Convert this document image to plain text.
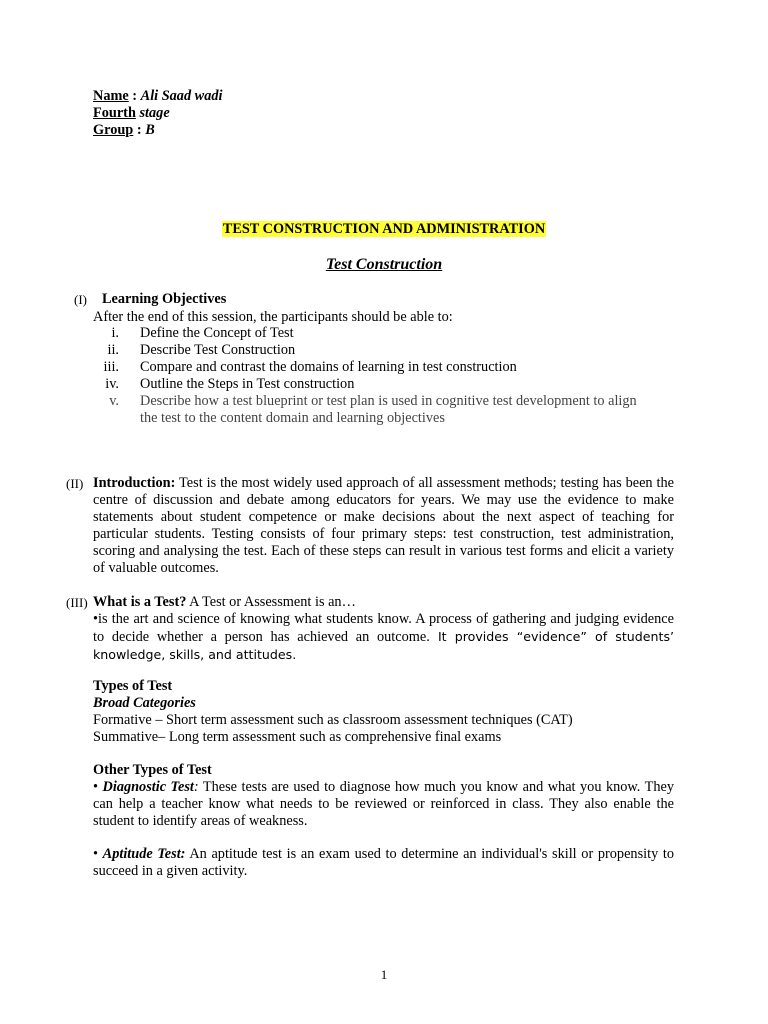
Name : Ali Saad wadi
Fourth stage
Group : B
TEST CONSTRUCTION AND ADMINISTRATION
Test Construction
(I) Learning Objectives
After the end of this session, the participants should be able to:
i. Define the Concept of Test
ii. Describe Test Construction
iii. Compare and contrast the domains of learning in test construction
iv. Outline the Steps in Test construction
v. Describe how a test blueprint or test plan is used in cognitive test development to align the test to the content domain and learning objectives
(II) Introduction: Test is the most widely used approach of all assessment methods; testing has been the centre of discussion and debate among educators for years. We may use the evidence to make statements about student competence or make decisions about the next aspect of teaching for particular students. Testing consists of four primary steps: test construction, test administration, scoring and analysing the test. Each of these steps can result in various test forms and elicit a variety of valuable outcomes.
(III) What is a Test? A Test or Assessment is an…
•is the art and science of knowing what students know. A process of gathering and judging evidence to decide whether a person has achieved an outcome. It provides “evidence” of students’ knowledge, skills, and attitudes.
Types of Test
Broad Categories
Formative – Short term assessment such as classroom assessment techniques (CAT)
Summative– Long term assessment such as comprehensive final exams
Other Types of Test
• Diagnostic Test: These tests are used to diagnose how much you know and what you know. They can help a teacher know what needs to be reviewed or reinforced in class. They also enable the student to identify areas of weakness.
• Aptitude Test: An aptitude test is an exam used to determine an individual's skill or propensity to succeed in a given activity.
1
